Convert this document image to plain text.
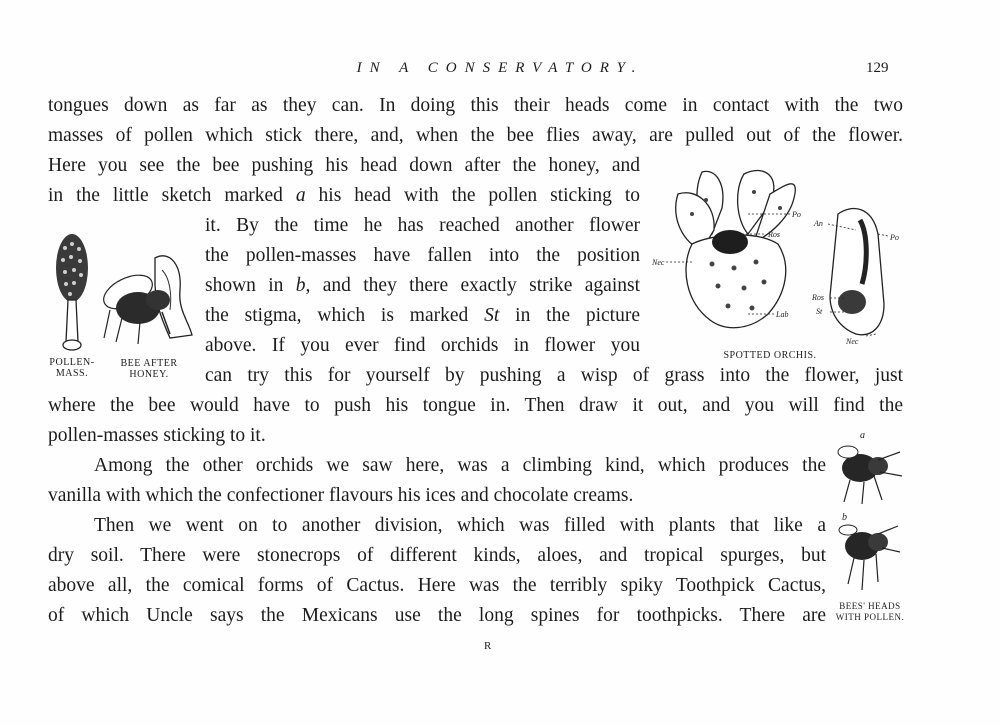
IN A CONSERVATORY.	129
tongues down as far as they can. In doing this their heads come in contact with the two
masses of pollen which stick there, and, when the bee flies away, are pulled out of the flower.
Here you see the bee pushing his head down after the honey, and
in the little sketch marked a his head with the pollen sticking to
it. By the time he has reached another flower
the pollen-masses have fallen into the position
shown in b, and they there exactly strike against
the stigma, which is marked St in the picture
above. If you ever find orchids in flower you
can try this for yourself by pushing a wisp of grass into the flower, just
where the bee would have to push his tongue in. Then draw it out, and you will find the
pollen-masses sticking to it.
Among the other orchids we saw here, was a climbing kind, which produces the
vanilla with which the confectioner flavours his ices and chocolate creams.
Then we went on to another division, which was filled with plants that like a
dry soil. There were stonecrops of different kinds, aloes, and tropical spurges, but
above all, the comical forms of Cactus. Here was the terribly spiky Toothpick Cactus,
of which Uncle says the Mexicans use the long spines for toothpicks. There are
POLLEN-
MASS.
BEE AFTER
HONEY.
Po
Ros
Nec
Lab
An
Po
Ros
St
Nec
SPOTTED ORCHIS.
a
b
BEES' HEADS
WITH POLLEN.
R
